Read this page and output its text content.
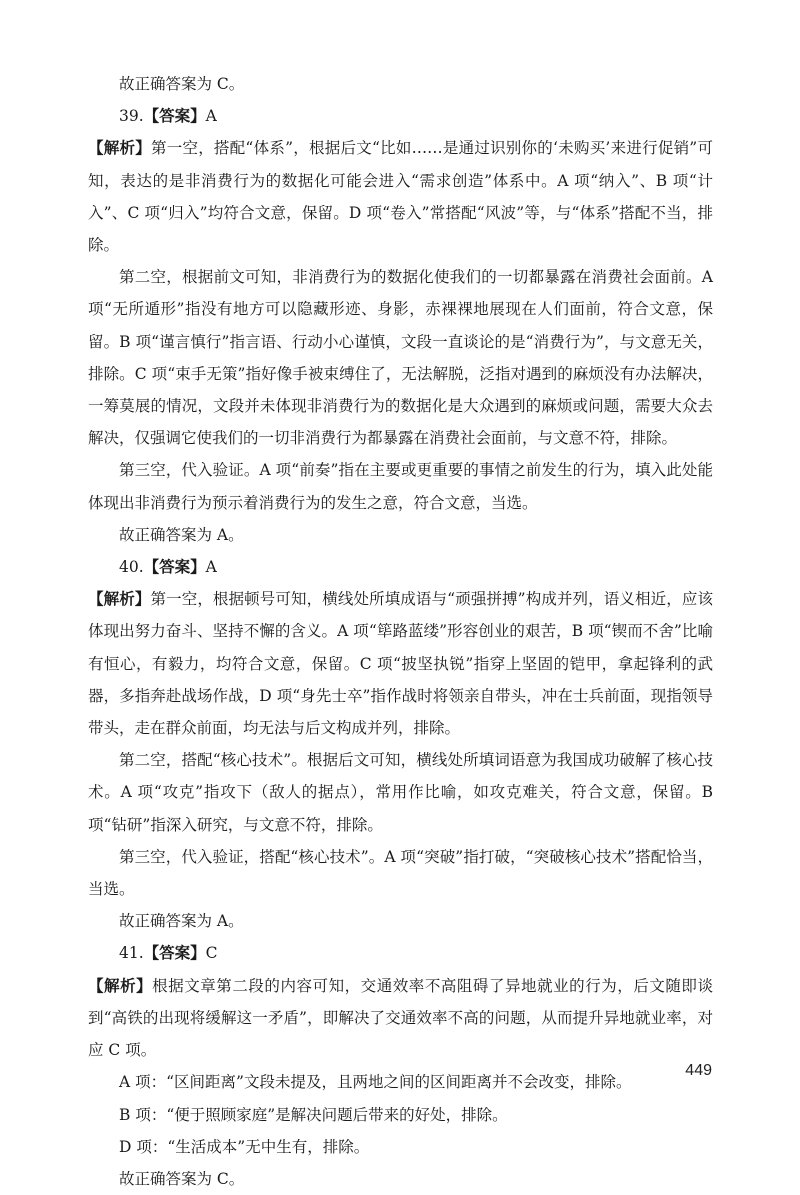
故正确答案为 C。

39.【答案】A

【解析】第一空，搭配“体系”，根据后文“比如……是通过识别你的‘未购买’来进行促销”可知，表达的是非消费行为的数据化可能会进入“需求创造”体系中。A 项“纳入”、B 项“计入”、C 项“归入”均符合文意，保留。D 项“卷入”常搭配“风波”等，与“体系”搭配不当，排除。

第二空，根据前文可知，非消费行为的数据化使我们的一切都暴露在消费社会面前。A 项“无所遁形”指没有地方可以隐藏形迹、身影，赤裸裸地展现在人们面前，符合文意，保留。B 项“谨言慎行”指言语、行动小心谨慎，文段一直谈论的是“消费行为”，与文意无关，排除。C 项“束手无策”指好像手被束缚住了，无法解脱，泛指对遇到的麻烦没有办法解决，一筹莫展的情况，文段并未体现非消费行为的数据化是大众遇到的麻烦或问题，需要大众去解决，仅强调它使我们的一切非消费行为都暴露在消费社会面前，与文意不符，排除。

第三空，代入验证。A 项“前奏”指在主要或更重要的事情之前发生的行为，填入此处能体现出非消费行为预示着消费行为的发生之意，符合文意，当选。

故正确答案为 A。

40.【答案】A

【解析】第一空，根据顿号可知，横线处所填成语与“顽强拼搏”构成并列，语义相近，应该体现出努力奋斗、坚持不懈的含义。A 项“筚路蓝缕”形容创业的艰苦，B 项“锲而不舍”比喻有恒心，有毅力，均符合文意，保留。C 项“披坚执锐”指穿上坚固的铠甲，拿起锋利的武器，多指奔赴战场作战，D 项“身先士卒”指作战时将领亲自带头，冲在士兵前面，现指领导带头，走在群众前面，均无法与后文构成并列，排除。

第二空，搭配“核心技术”。根据后文可知，横线处所填词语意为我国成功破解了核心技术。A 项“攻克”指攻下（敌人的据点），常用作比喻，如攻克难关，符合文意，保留。B 项“钻研”指深入研究，与文意不符，排除。

第三空，代入验证，搭配“核心技术”。A 项“突破”指打破，“突破核心技术”搭配恰当，当选。

故正确答案为 A。

41.【答案】C

【解析】根据文章第二段的内容可知，交通效率不高阻碍了异地就业的行为，后文随即谈到“高铁的出现将缓解这一矛盾”，即解决了交通效率不高的问题，从而提升异地就业率，对应 C 项。

A 项：“区间距离”文段未提及，且两地之间的区间距离并不会改变，排除。

B 项：“便于照顾家庭”是解决问题后带来的好处，排除。

D 项：“生活成本”无中生有，排除。

故正确答案为 C。

449
